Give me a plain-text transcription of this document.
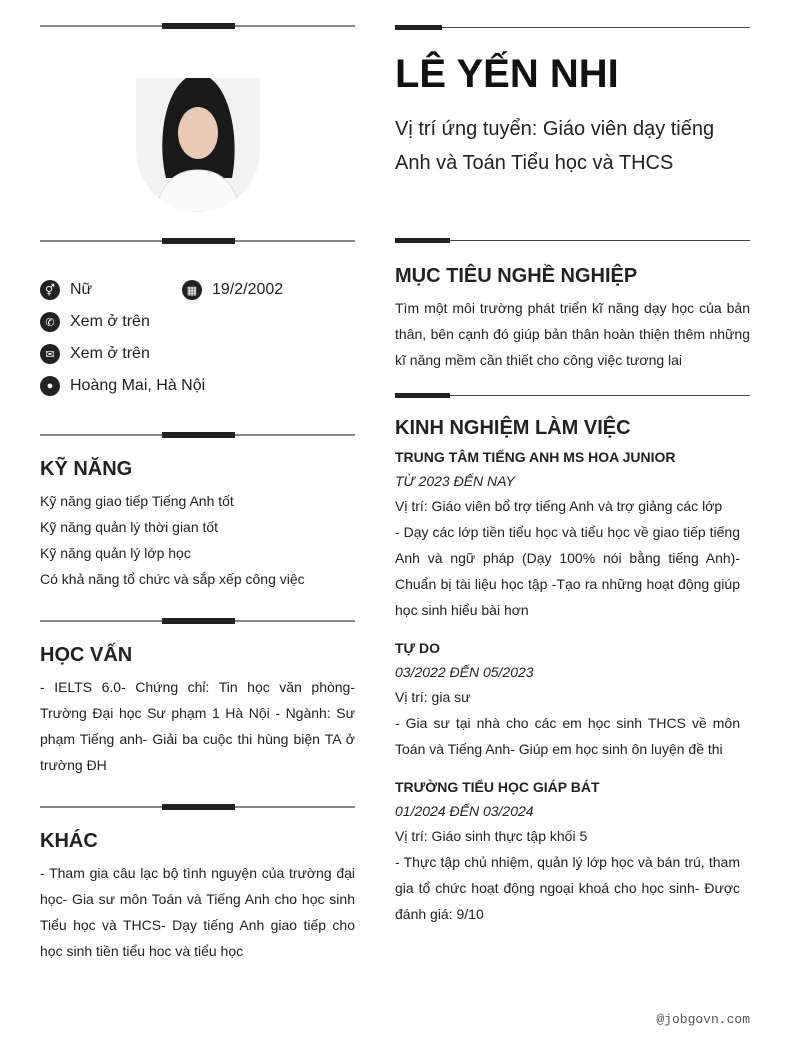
⚥ Nữ	▦ 19/2/2002
✆ Xem ở trên
✉ Xem ở trên
●	Hoàng Mai, Hà Nội
KỸ NĂNG
Kỹ năng giao tiếp Tiếng Anh tốt
Kỹ năng quản lý thời gian tốt
Kỹ năng quản lý lớp học
Có khả năng tổ chức và sắp xếp công việc
HỌC VẤN
- IELTS 6.0- Chứng chỉ: Tin học văn phòng- Trường Đại học Sư phạm 1 Hà Nội - Ngành: Sư phạm Tiếng anh- Giải ba cuộc thi hùng biện TA ở trường ĐH
KHÁC
- Tham gia câu lạc bộ tình nguyện của trường đại học- Gia sư môn Toán và Tiếng Anh cho học sinh Tiểu học và THCS- Dạy tiếng Anh giao tiếp cho học sinh tiền tiểu hoc và tiểu học
LÊ YẾN NHI
Vị trí ứng tuyển: Giáo viên dạy tiếng Anh và Toán Tiểu học và THCS
MỤC TIÊU NGHỀ NGHIỆP
Tìm một môi trường phát triển kĩ năng dạy học của bản thân, bên cạnh đó giúp bản thân hoàn thiện thêm những kĩ năng mềm cần thiết cho công việc tương lai
KINH NGHIỆM LÀM VIỆC
TRUNG TÂM TIẾNG ANH MS HOA JUNIOR
TỪ 2023 ĐẾN NAY
Vị trí: Giáo viên bổ trợ tiếng Anh và trợ giảng các lớp
- Dạy các lớp tiền tiểu học và tiểu học về giao tiếp tiếng Anh và ngữ pháp (Dạy 100% nói bằng tiếng Anh)-Chuẩn bị tài liệu học tập -Tạo ra những hoạt động giúp học sinh hiểu bài hơn
TỰ DO
03/2022 ĐẾN 05/2023
Vị trí: gia sư
- Gia sư tại nhà cho các em học sinh THCS về môn Toán và Tiếng Anh- Giúp em học sinh ôn luyện đề thi
TRƯỜNG TIỂU HỌC GIÁP BÁT
01/2024 ĐẾN 03/2024
Vị trí: Giáo sinh thực tập khối 5
- Thực tập chủ nhiệm, quản lý lớp học và bán trú, tham gia tổ chức hoạt động ngoại khoá cho học sinh- Được đánh giá: 9/10
@jobgovn.com
